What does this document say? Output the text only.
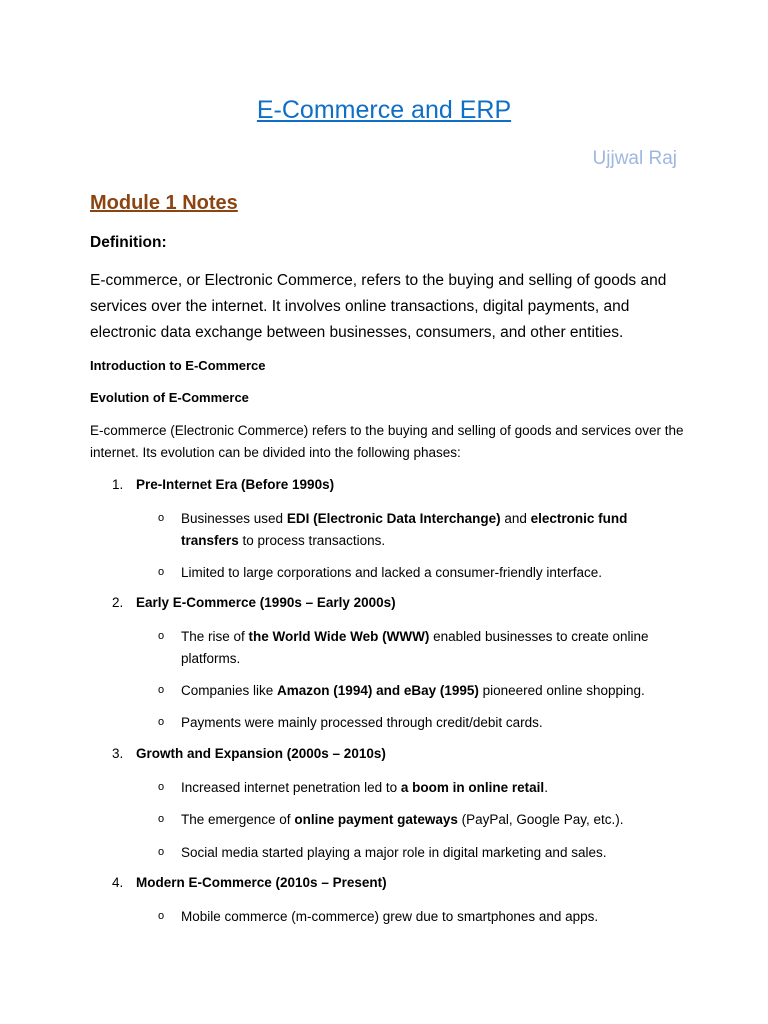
E-Commerce and ERP

Ujjwal Raj

Module 1 Notes

Definition:

E-commerce, or Electronic Commerce, refers to the buying and selling of goods and services over the internet. It involves online transactions, digital payments, and electronic data exchange between businesses, consumers, and other entities.

Introduction to E-Commerce

Evolution of E-Commerce

E-commerce (Electronic Commerce) refers to the buying and selling of goods and services over the internet. Its evolution can be divided into the following phases:

1. Pre-Internet Era (Before 1990s)

o Businesses used EDI (Electronic Data Interchange) and electronic fund transfers to process transactions.

o Limited to large corporations and lacked a consumer-friendly interface.

2. Early E-Commerce (1990s – Early 2000s)

o The rise of the World Wide Web (WWW) enabled businesses to create online platforms.

o Companies like Amazon (1994) and eBay (1995) pioneered online shopping.

o Payments were mainly processed through credit/debit cards.

3. Growth and Expansion (2000s – 2010s)

o Increased internet penetration led to a boom in online retail.

o The emergence of online payment gateways (PayPal, Google Pay, etc.).

o Social media started playing a major role in digital marketing and sales.

4. Modern E-Commerce (2010s – Present)

o Mobile commerce (m-commerce) grew due to smartphones and apps.
